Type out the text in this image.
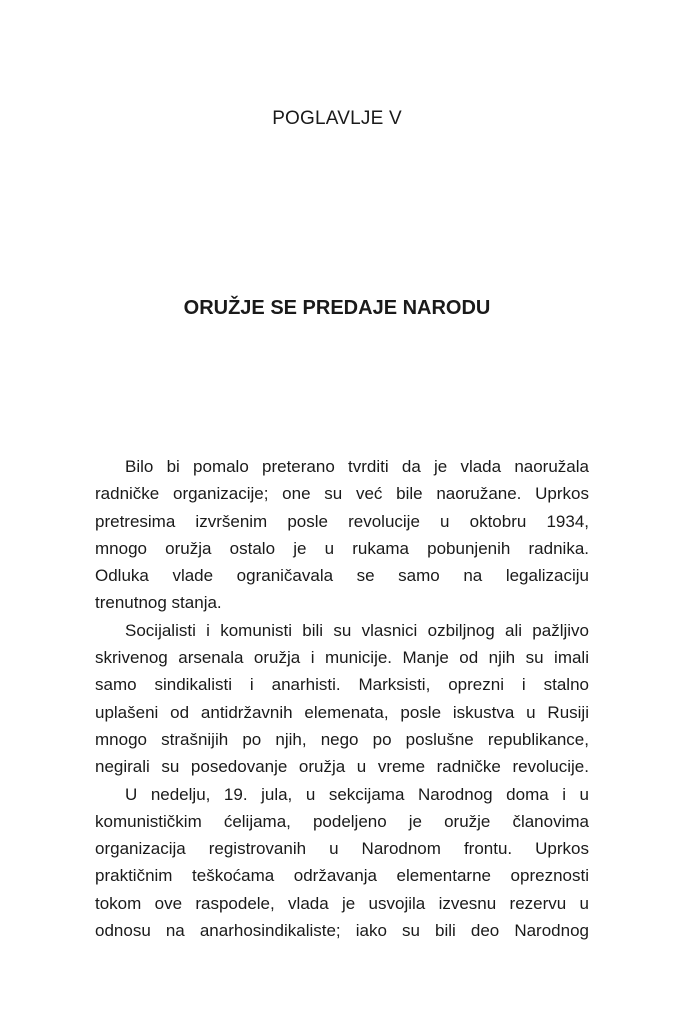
POGLAVLJE V
ORUŽJE SE PREDAJE NARODU
Bilo bi pomalo preterano tvrditi da je vlada naoružala
radničke organizacije; one su već bile naoružane. Uprkos
pretresima izvršenim posle revolucije u oktobru 1934,
mnogo oružja ostalo je u rukama pobunjenih radnika.
Odluka vlade ograničavala se samo na legalizaciju
trenutnog stanja.
Socijalisti i komunisti bili su vlasnici ozbiljnog ali pažljivo
skrivenog arsenala oružja i municije. Manje od njih su imali
samo sindikalisti i anarhisti. Marksisti, oprezni i stalno
uplašeni od antidržavnih elemenata, posle iskustva u Rusiji
mnogo strašnijih po njih, nego po poslušne republikance,
negirali su posedovanje oružja u vreme radničke revolucije.
U nedelju, 19. jula, u sekcijama Narodnog doma i u
komunističkim ćelijama, podeljeno je oružje članovima
organizacija registrovanih u Narodnom frontu. Uprkos
praktičnim teškoćama održavanja elementarne opreznosti
tokom ove raspodele, vlada je usvojila izvesnu rezervu u
odnosu na anarhosindikaliste; iako su bili deo Narodnog
